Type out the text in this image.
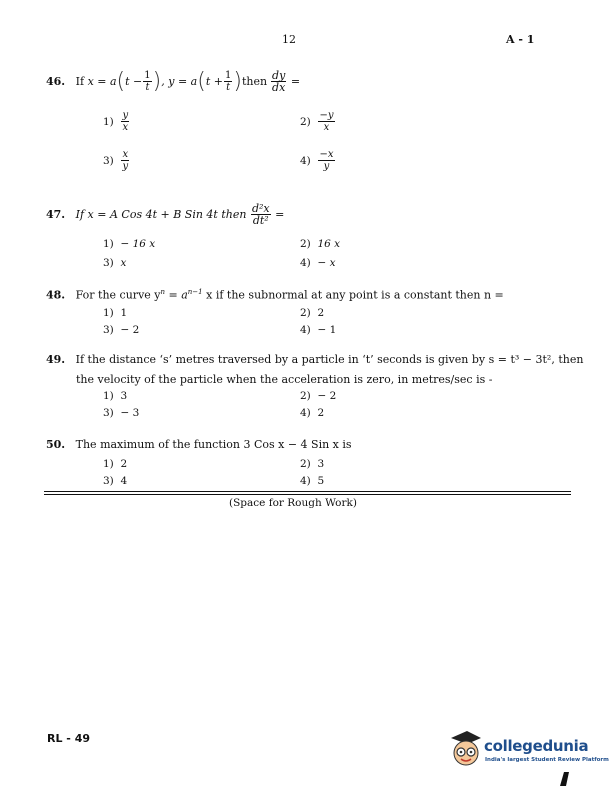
12	A - 1
46.
If
x = a ( $t - \frac{1}{t}$ ) , y = a ( $t + \frac{1}{t}$ ) then $\frac{dy}{dx}$
=
1)
$\frac{y}{x}$	2)
$\frac{-y}{x}$
3)
$\frac{x}{y}$	4)
$\frac{-x}{y}$
47.
If x = A Cos 4t + B Sin 4t then
$\frac{\text{d²x}}{\text{dt²}}$
=
1) − 16 x	2) 16 x
3) x	4) − x
48. For the curve $y^n = a^{n-1}$ x if the subnormal at any point is a constant then n =
1) 1	2) 2
3) − 2	4) − 1
49. If the distance ‘s’ metres traversed by a particle in ‘t’ seconds is given by s = t³ − 3t², then
the velocity of the particle when the acceleration is zero, in metres/sec is -
1) 3	2) − 2
3) − 3	4) 2
50. The maximum of the function 3 Cos x − 4 Sin x is
1) 2	2) 3
3) 4	4) 5
(Space for Rough Work)
RL - 49	collegedunia
India's largest Student Review Platform
